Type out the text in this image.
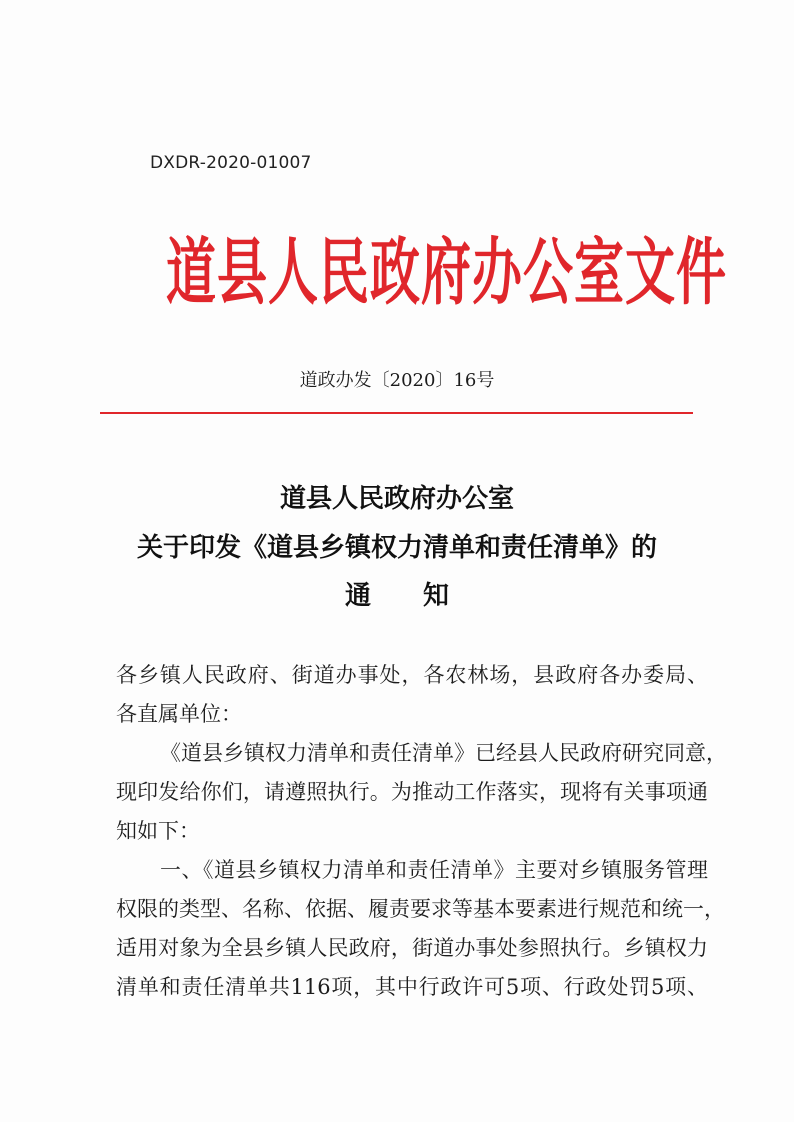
DXDR-2020-01007
道县人民政府办公室文件
道政办发〔2020〕16号
道县人民政府办公室
关于印发《道县乡镇权力清单和责任清单》的
通　　知
各乡镇人民政府、街道办事处，各农林场，县政府各办委局、
各直属单位：
《道县乡镇权力清单和责任清单》已经县人民政府研究同意，
现印发给你们，请遵照执行。为推动工作落实，现将有关事项通
知如下：
一、《道县乡镇权力清单和责任清单》主要对乡镇服务管理
权限的类型、名称、依据、履责要求等基本要素进行规范和统一，
适用对象为全县乡镇人民政府，街道办事处参照执行。乡镇权力
清单和责任清单共116项，其中行政许可5项、行政处罚5项、
